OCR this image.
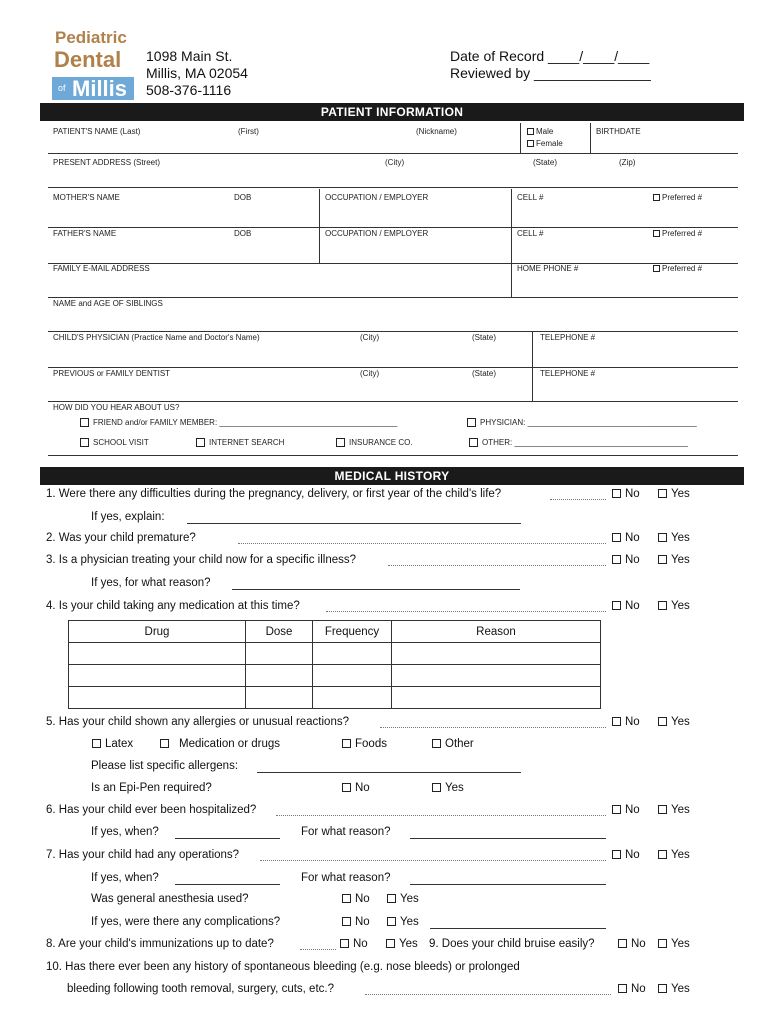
Pediatric
Dental
of Millis
1098 Main St.
Millis, MA 02054
508-376-1116
Date of Record ____/____/____
Reviewed by _______________
PATIENT INFORMATION
PATIENT'S NAME (Last)	(First)	(Nickname)	Male
Female
BIRTHDATE
PRESENT ADDRESS (Street)	(City)	(State)	(Zip)
MOTHER'S NAME	DOB	OCCUPATION / EMPLOYER	CELL #	Preferred #
FATHER'S NAME	DOB	OCCUPATION / EMPLOYER	CELL #	Preferred #
FAMILY E-MAIL ADDRESS	HOME PHONE #	Preferred #
NAME and AGE OF SIBLINGS
CHILD'S PHYSICIAN (Practice Name and Doctor's Name)	(City)	(State)	TELEPHONE #
PREVIOUS or FAMILY DENTIST	(City)	(State)	TELEPHONE #
HOW DID YOU HEAR ABOUT US?
FRIEND and/or FAMILY MEMBER: ________________________________________	PHYSICIAN: ______________________________________
SCHOOL VISIT	INTERNET SEARCH	INSURANCE CO.	OTHER: _______________________________________
MEDICAL HISTORY
1. Were there any difficulties during the pregnancy, delivery, or first year of the child's life?	No	Yes
If yes, explain:
2. Was your child premature?	No	Yes
3. Is a physician treating your child now for a specific illness?	No	Yes
If yes, for what reason?
4. Is your child taking any medication at this time?	No	Yes
Drug	Dose	Frequency	Reason

5. Has your child shown any allergies or unusual reactions?	No	Yes
Latex	Medication or drugs	Foods	Other
Please list specific allergens:
Is an Epi-Pen required?	No	Yes
6. Has your child ever been hospitalized?	No	Yes
If yes, when?	For what reason?
7. Has your child had any operations?	No	Yes
If yes, when?	For what reason?
Was general anesthesia used?	No	Yes
If yes, were there any complications?	No	Yes
8. Are your child's immunizations up to date?	No	Yes 9. Does your child bruise easily?	No	Yes
10. Has there ever been any history of spontaneous bleeding (e.g. nose bleeds) or prolonged
bleeding following tooth removal, surgery, cuts, etc.?	No	Yes
